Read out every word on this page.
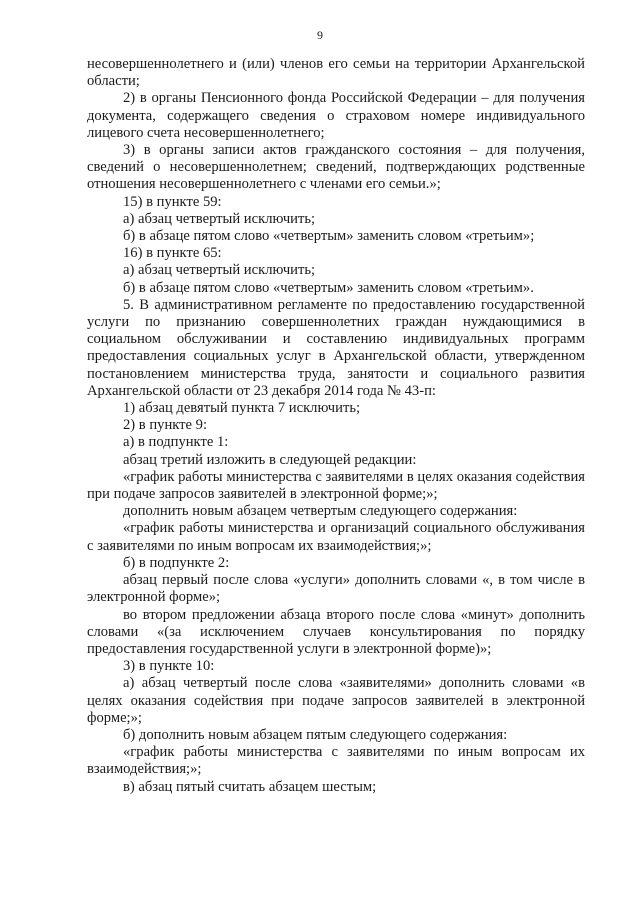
9

несовершеннолетнего и (или) членов его семьи на территории Архангельской области;

2) в органы Пенсионного фонда Российской Федерации – для получения документа, содержащего сведения о страховом номере индивидуального лицевого счета несовершеннолетнего;

3) в органы записи актов гражданского состояния – для получения, сведений о несовершеннолетнем; сведений, подтверждающих родственные отношения несовершеннолетнего с членами его семьи.»;

15) в пункте 59:

а) абзац четвертый исключить;

б) в абзаце пятом слово «четвертым» заменить словом «третьим»;

16) в пункте 65:

а) абзац четвертый исключить;

б) в абзаце пятом слово «четвертым» заменить словом «третьим».

5. В административном регламенте по предоставлению государственной услуги по признанию совершеннолетних граждан нуждающимися в социальном обслуживании и составлению индивидуальных программ предоставления социальных услуг в Архангельской области, утвержденном постановлением министерства труда, занятости и социального развития Архангельской области от 23 декабря 2014 года № 43-п:

1) абзац девятый пункта 7 исключить;

2) в пункте 9:

а) в подпункте 1:

абзац третий изложить в следующей редакции:

«график работы министерства с заявителями в целях оказания содействия при подаче запросов заявителей в электронной форме;»;

дополнить новым абзацем четвертым следующего содержания:

«график работы министерства и организаций социального обслуживания с заявителями по иным вопросам их взаимодействия;»;

б) в подпункте 2:

абзац первый после слова «услуги» дополнить словами «, в том числе в электронной форме»;

во втором предложении абзаца второго после слова «минут» дополнить словами «(за исключением случаев консультирования по порядку предоставления государственной услуги в электронной форме)»;

3) в пункте 10:

а) абзац четвертый после слова «заявителями» дополнить словами «в целях оказания содействия при подаче запросов заявителей в электронной форме;»;

б) дополнить новым абзацем пятым следующего содержания:

«график работы министерства с заявителями по иным вопросам их взаимодействия;»;

в) абзац пятый считать абзацем шестым;
